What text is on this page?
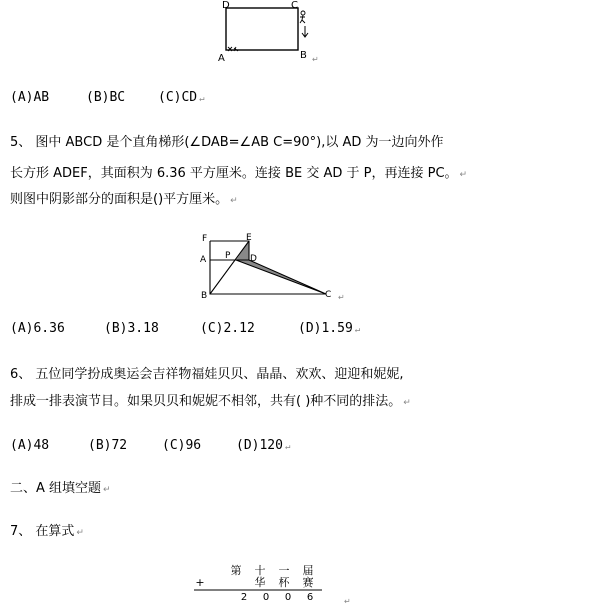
D	C
A	B ↵
(A)AB	(B)BC	(C)CD ↵
5、 图中 ABCD 是个直角梯形(∠DAB=∠AB C=90°),以 AD 为一边向外作
长方形 ADEF，其面积为 6.36 平方厘米。连接 BE 交 AD 于 P，再连接 PC。 ↵
则图中阴影部分的面积是()平方厘米。 ↵
F	E
A P D
B	C ↵
(A)6.36	(B)3.18	(C)2.12	(D)1.59 ↵
6、 五位同学扮成奥运会吉祥物福娃贝贝、晶晶、欢欢、迎迎和妮妮,
排成一排表演节目。如果贝贝和妮妮不相邻，共有( )种不同的排法。 ↵
(A)48	(B)72	(C)96	(D)120 ↵
二、A 组填空题 ↵
7、 在算式 ↵
第 十 一 届
+	华 杯 赛
2 0 0 6	↵
